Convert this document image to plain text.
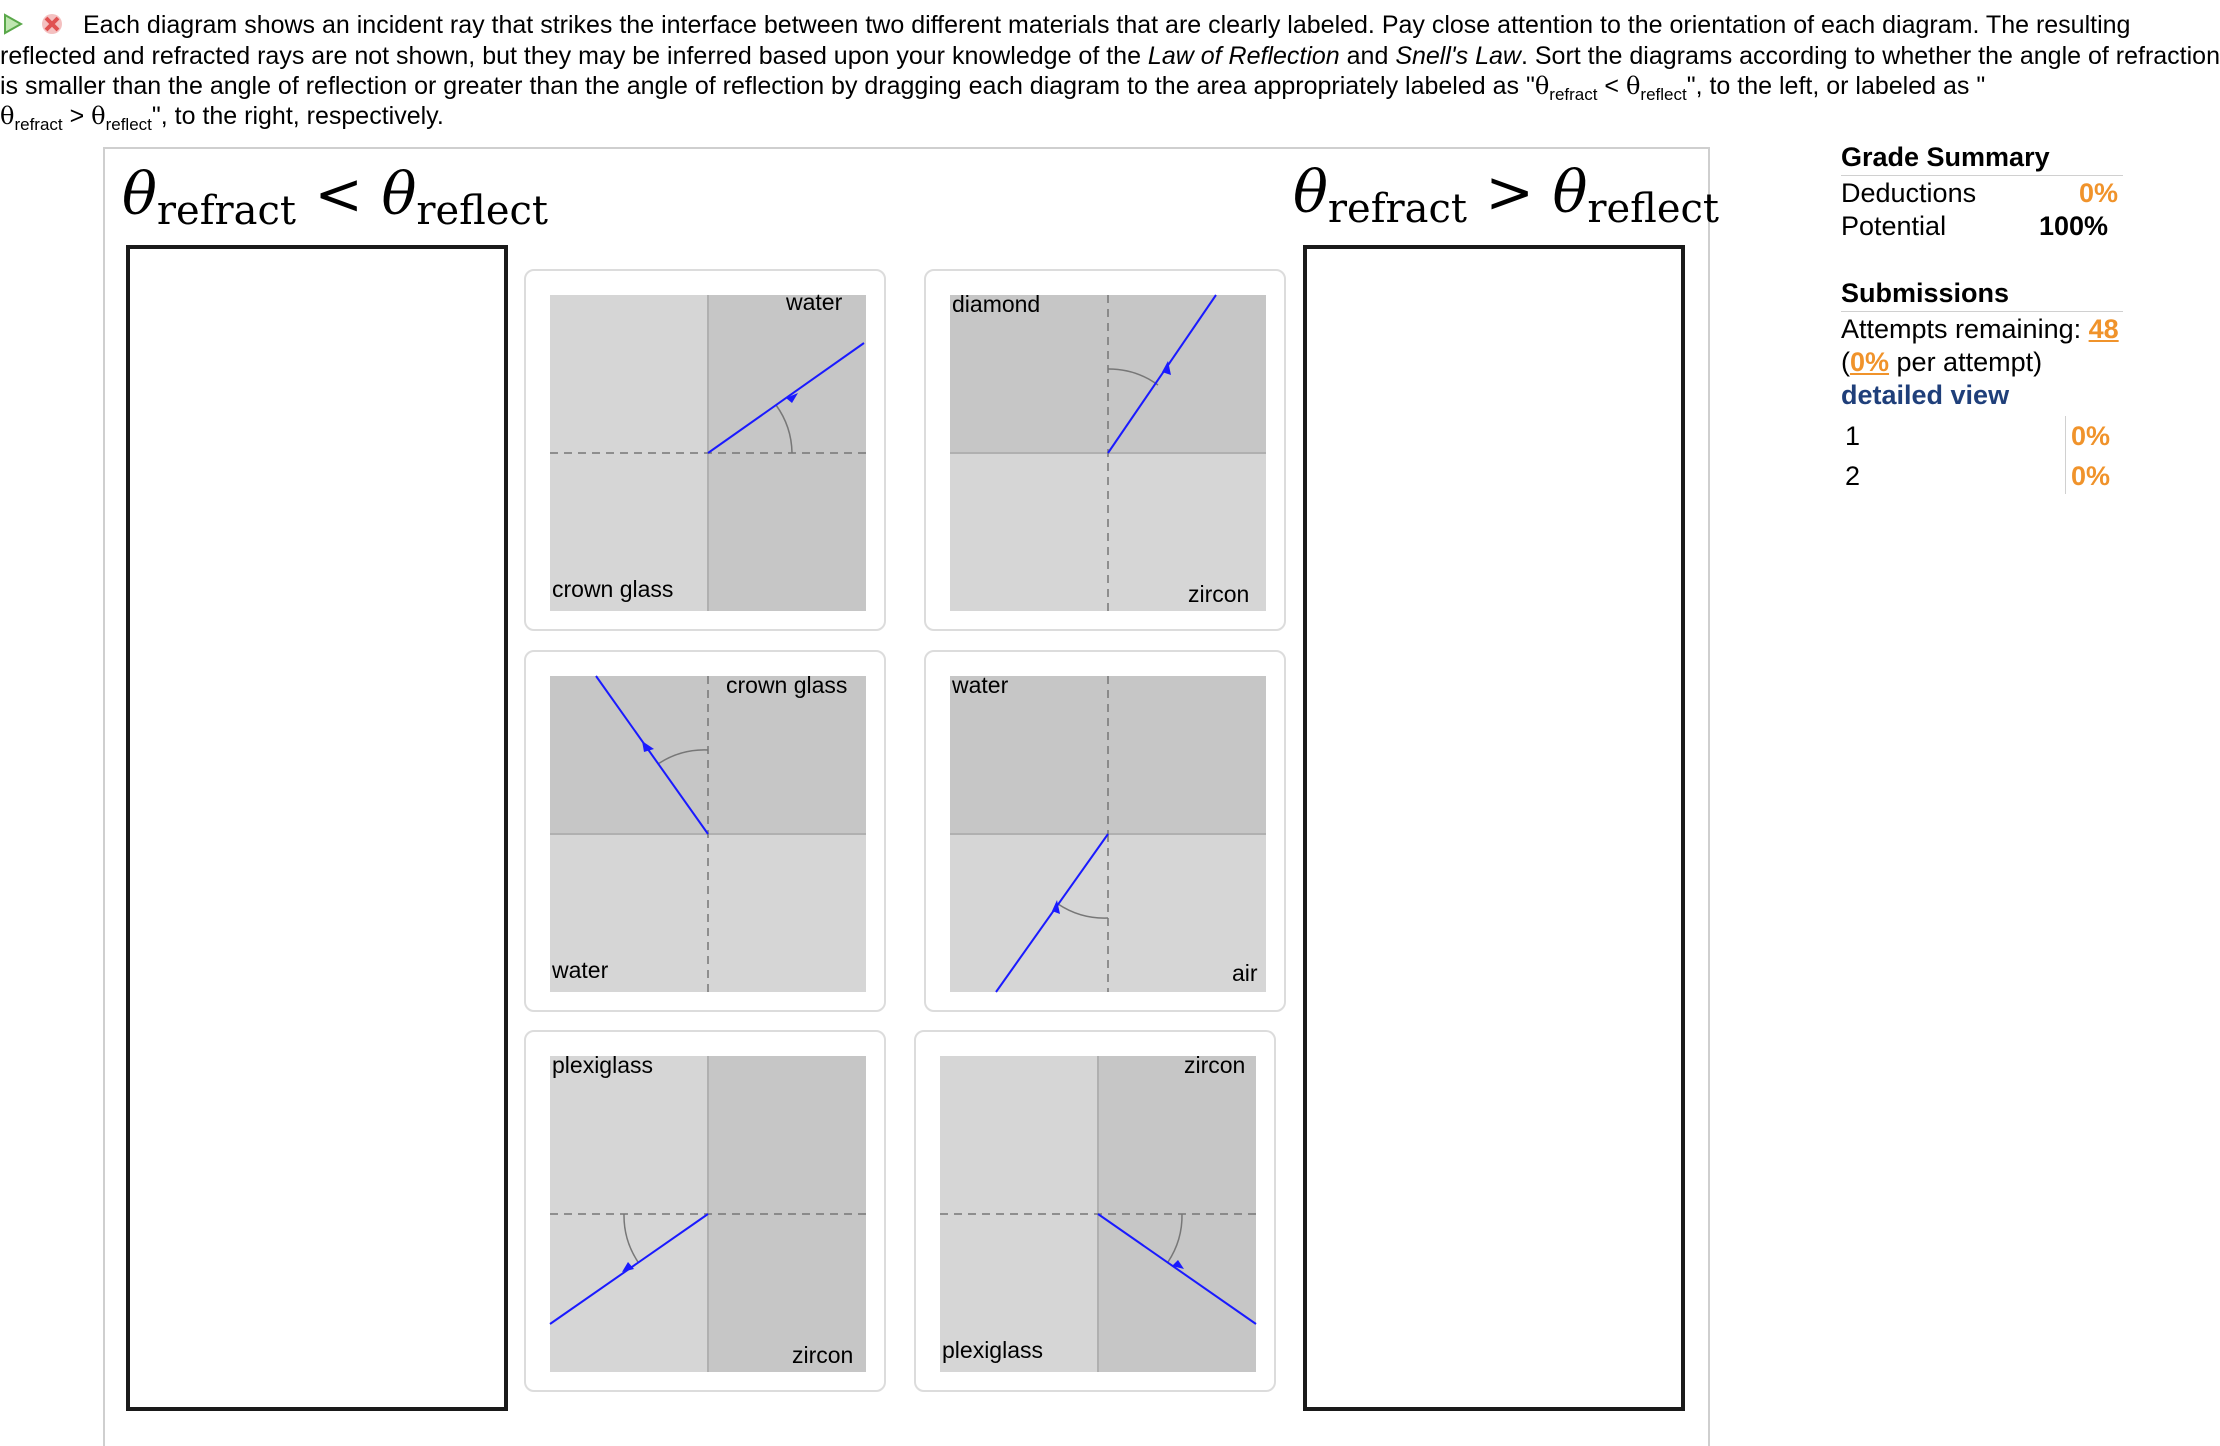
Each diagram shows an incident ray that strikes the interface between two different materials that are clearly labeled. Pay close attention to the orientation of each diagram. The resulting
reflected and refracted rays are not shown, but they may be inferred based upon your knowledge of the Law of Reflection and Snell's Law. Sort the diagrams according to whether the angle of refraction
is smaller than the angle of reflection or greater than the angle of reflection by dragging each diagram to the area appropriately labeled as "$\theta_{refract} < \theta_{reflect}$", to the left, or labeled as "
$\theta_{refract} > \theta_{reflect}$", to the right, respectively.
θrefract < θreflect	θrefract > θreflect
water
crown glass
diamond
zircon
crown glass
water
water
air
plexiglass
zircon
zircon
plexiglass
Grade Summary
Deductions	0%
Potential	100%
Submissions
Attempts remaining: 48
(0% per attempt)
detailed view
1	0%
2	0%
